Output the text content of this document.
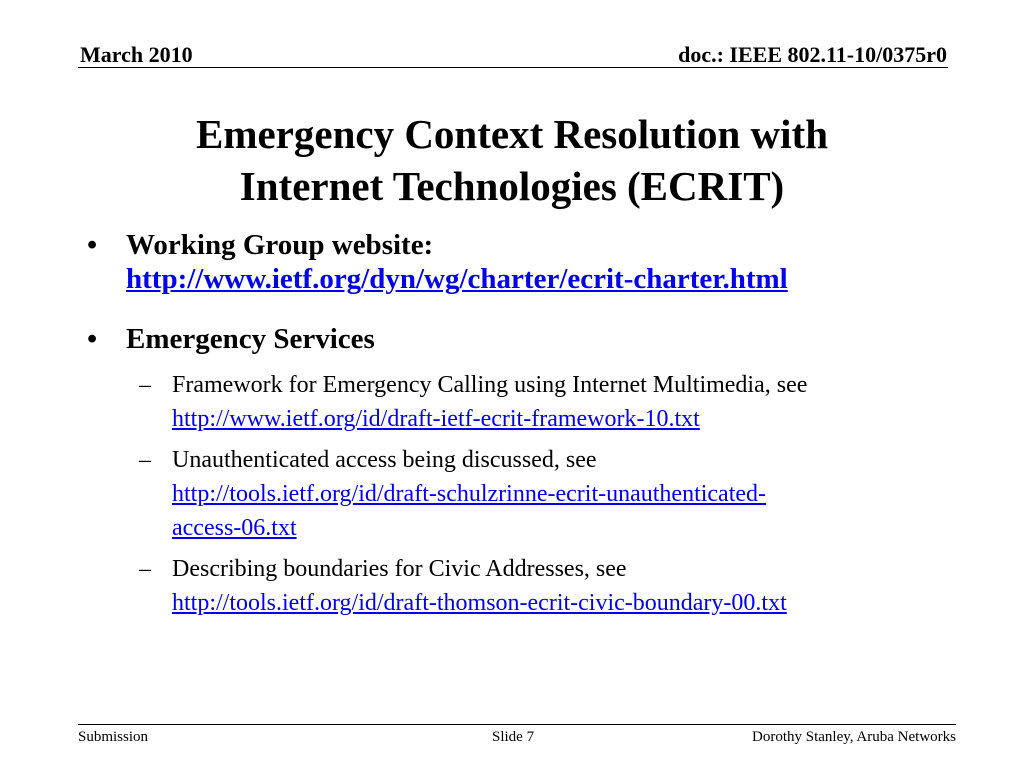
March 2010	doc.: IEEE 802.11-10/0375r0
Emergency Context Resolution with
Internet Technologies (ECRIT)
• Working Group website:
http://www.ietf.org/dyn/wg/charter/ecrit-charter.html
• Emergency Services
– Framework for Emergency Calling using Internet Multimedia, see
http://www.ietf.org/id/draft-ietf-ecrit-framework-10.txt
– Unauthenticated access being discussed, see
http://tools.ietf.org/id/draft-schulzrinne-ecrit-unauthenticated-
access-06.txt
– Describing boundaries for Civic Addresses, see
http://tools.ietf.org/id/draft-thomson-ecrit-civic-boundary-00.txt
Submission	Slide 7	Dorothy Stanley, Aruba Networks
